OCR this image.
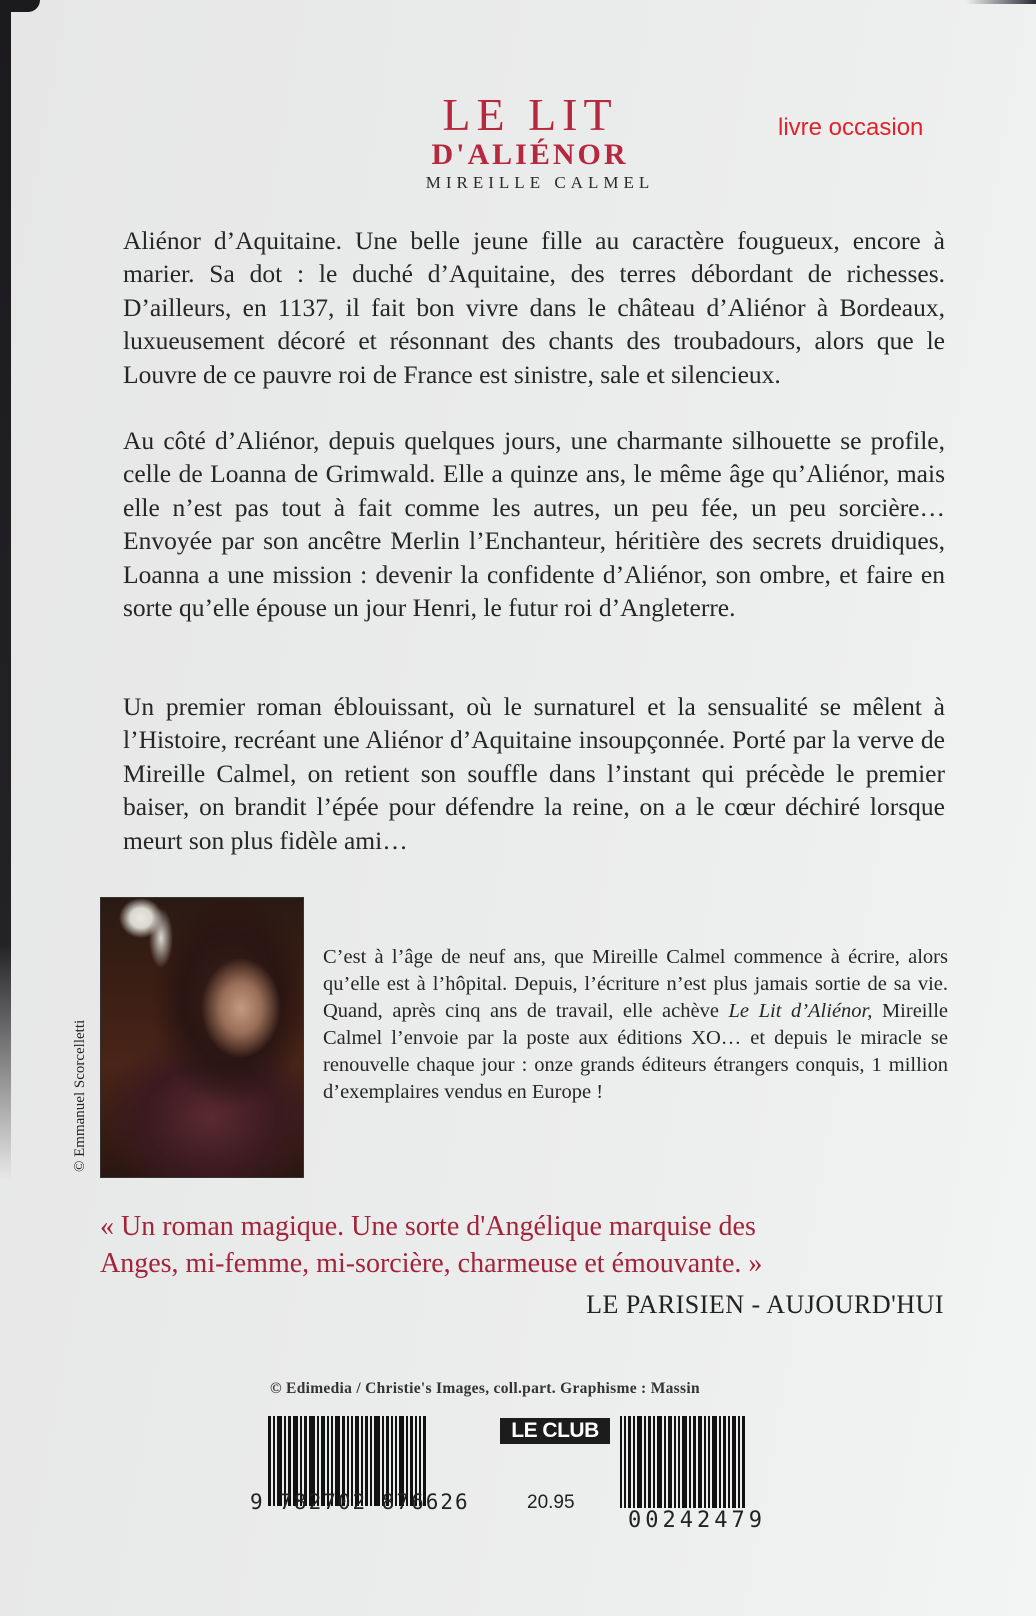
LE LIT
D'ALIÉNOR
MIREILLE CALMEL
livre occasion

Aliénor d’Aquitaine. Une belle jeune fille au caractère fougueux, encore à marier. Sa dot : le duché d’Aquitaine, des terres débordant de richesses. D’ailleurs, en 1137, il fait bon vivre dans le château d’Aliénor à Bordeaux, luxueusement décoré et résonnant des chants des troubadours, alors que le Louvre de ce pauvre roi de France est sinistre, sale et silencieux.

Au côté d’Aliénor, depuis quelques jours, une charmante silhouette se profile, celle de Loanna de Grimwald. Elle a quinze ans, le même âge qu’Aliénor, mais elle n’est pas tout à fait comme les autres, un peu fée, un peu sorcière… Envoyée par son ancêtre Merlin l’Enchanteur, héritière des secrets druidiques, Loanna a une mission : devenir la confidente d’Aliénor, son ombre, et faire en sorte qu’elle épouse un jour Henri, le futur roi d’Angleterre.

Un premier roman éblouissant, où le surnaturel et la sensualité se mêlent à l’Histoire, recréant une Aliénor d’Aquitaine insoupçonnée. Porté par la verve de Mireille Calmel, on retient son souffle dans l’instant qui précède le premier baiser, on brandit l’épée pour défendre la reine, on a le cœur déchiré lorsque meurt son plus fidèle ami…

© Emmanuel Scorcelletti

C’est à l’âge de neuf ans, que Mireille Calmel commence à écrire, alors qu’elle est à l’hôpital. Depuis, l’écriture n’est plus jamais sortie de sa vie. Quand, après cinq ans de travail, elle achève Le Lit d’Aliénor, Mireille Calmel l’envoie par la poste aux éditions XO… et depuis le miracle se renouvelle chaque jour : onze grands éditeurs étrangers conquis, 1 million d’exemplaires vendus en Europe !

« Un roman magique. Une sorte d'Angélique marquise des

Anges, mi-femme, mi-sorcière, charmeuse et émouvante. »

LE PARISIEN - AUJOURD'HUI
© Edimedia / Christie's Images, coll.part. Graphisme : Massin
9 782702 876626
LE CLUB
20.95
00242479
